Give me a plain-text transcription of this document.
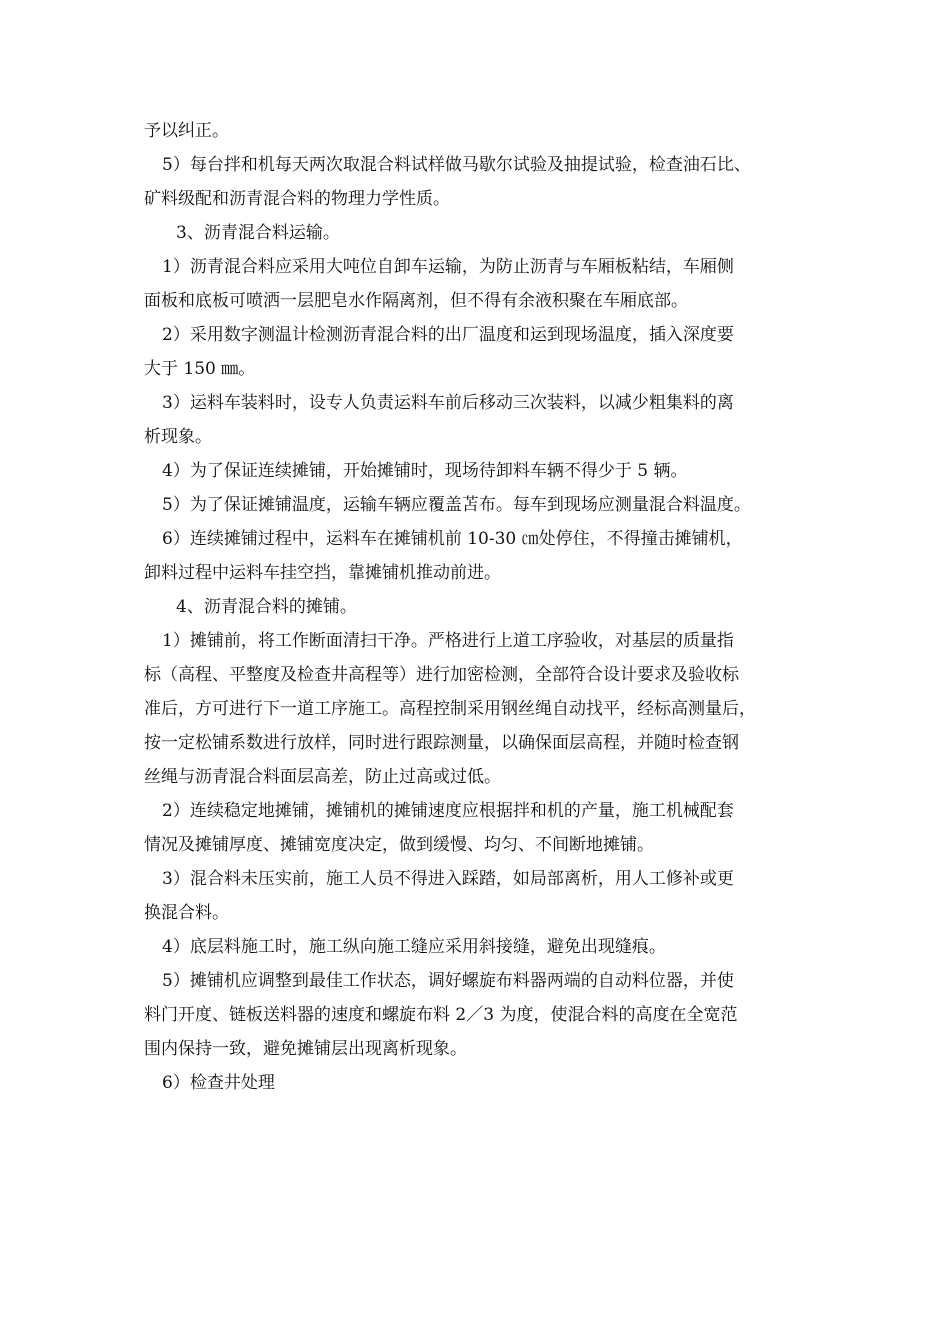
予以纠正。
5）每台拌和机每天两次取混合料试样做马歇尔试验及抽提试验，检查油石比、
矿料级配和沥青混合料的物理力学性质。
3、沥青混合料运输。
1）沥青混合料应采用大吨位自卸车运输，为防止沥青与车厢板粘结，车厢侧
面板和底板可喷洒一层肥皂水作隔离剂，但不得有余液积聚在车厢底部。
2）采用数字测温计检测沥青混合料的出厂温度和运到现场温度，插入深度要
大于 150 ㎜。
3）运料车装料时，设专人负责运料车前后移动三次装料，以减少粗集料的离
析现象。
4）为了保证连续摊铺，开始摊铺时，现场待卸料车辆不得少于 5 辆。
5）为了保证摊铺温度，运输车辆应覆盖苫布。每车到现场应测量混合料温度。
6）连续摊铺过程中，运料车在摊铺机前 10-30 ㎝处停住，不得撞击摊铺机，
卸料过程中运料车挂空挡，靠摊铺机推动前进。
4、沥青混合料的摊铺。
1）摊铺前，将工作断面清扫干净。严格进行上道工序验收，对基层的质量指
标（高程、平整度及检查井高程等）进行加密检测，全部符合设计要求及验收标
准后，方可进行下一道工序施工。高程控制采用钢丝绳自动找平，经标高测量后，
按一定松铺系数进行放样，同时进行跟踪测量，以确保面层高程，并随时检查钢
丝绳与沥青混合料面层高差，防止过高或过低。
2）连续稳定地摊铺，摊铺机的摊铺速度应根据拌和机的产量，施工机械配套
情况及摊铺厚度、摊铺宽度决定，做到缓慢、均匀、不间断地摊铺。
3）混合料未压实前，施工人员不得进入踩踏，如局部离析，用人工修补或更
换混合料。
4）底层料施工时，施工纵向施工缝应采用斜接缝，避免出现缝痕。
5）摊铺机应调整到最佳工作状态，调好螺旋布料器两端的自动料位器，并使
料门开度、链板送料器的速度和螺旋布料 2／3 为度，使混合料的高度在全宽范
围内保持一致，避免摊铺层出现离析现象。
6）检查井处理
